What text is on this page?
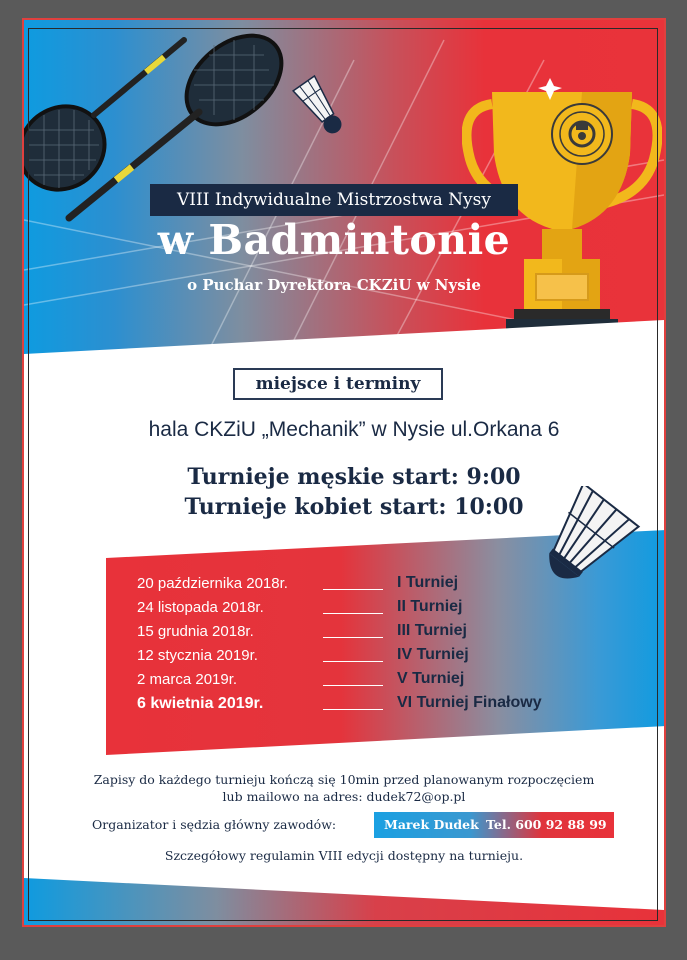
VIII Indywidualne Mistrzostwa Nysy
w Badmintonie
o Puchar Dyrektora CKZiU w Nysie
miejsce i terminy
hala CKZiU „Mechanik” w Nysie ul.Orkana 6
Turnieje męskie start: 9:00
Turnieje kobiet start: 10:00
20 października 2018r.	I Turniej
24 listopada 2018r.	II Turniej
15 grudnia 2018r.	III Turniej
12 stycznia 2019r.	IV Turniej
2 marca 2019r.	V Turniej
6 kwietnia 2019r.	VI Turniej Finałowy
Zapisy do każdego turnieju kończą się 10min przed planowanym rozpoczęciem
lub mailowo na adres: dudek72@op.pl
Organizator i sędzia główny zawodów:	Marek Dudek Tel. 600 92 88 99
Szczegółowy regulamin VIII edycji dostępny na turnieju.
